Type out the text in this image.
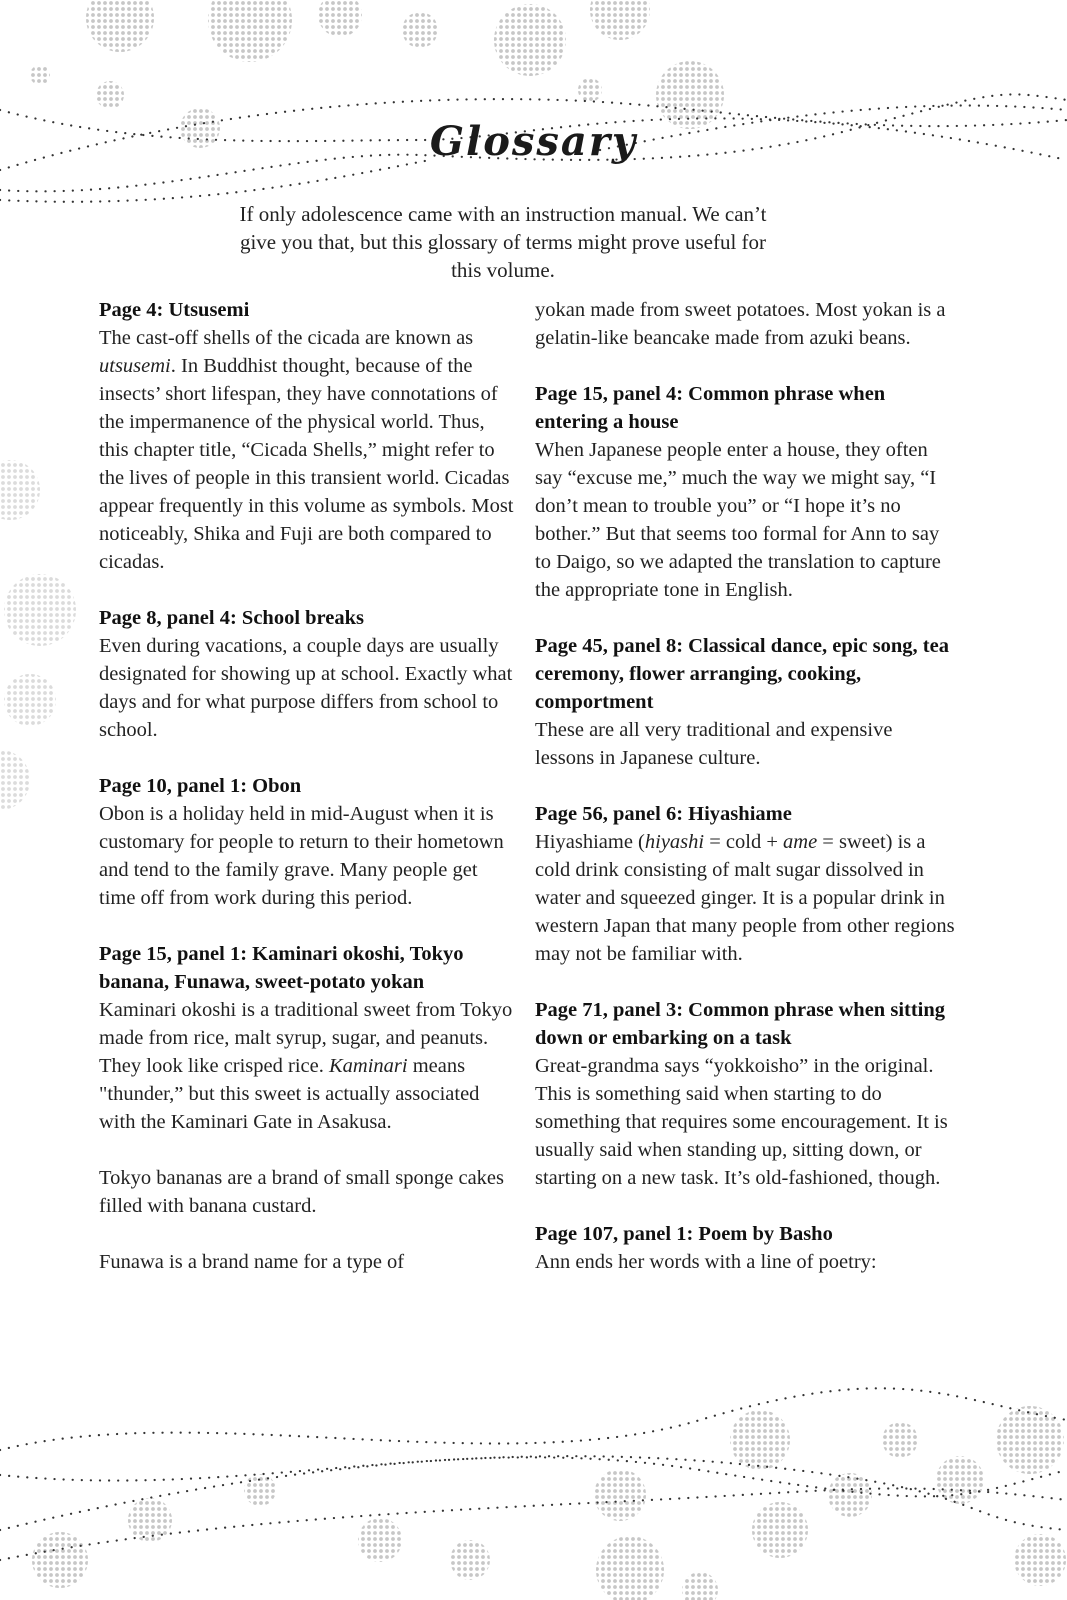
Glossary
If only adolescence came with an instruction manual. We can’t give you that, but this glossary of terms might prove useful for this volume.
Page 4: Utsusemi
The cast-off shells of the cicada are known as utsusemi. In Buddhist thought, because of the insects’ short lifespan, they have connotations of the impermanence of the physical world. Thus, this chapter title, “Cicada Shells,” might refer to the lives of people in this transient world. Cicadas appear frequently in this volume as symbols. Most noticeably, Shika and Fuji are both compared to cicadas.
Page 8, panel 4: School breaks
Even during vacations, a couple days are usually designated for showing up at school. Exactly what days and for what purpose differs from school to school.
Page 10, panel 1: Obon
Obon is a holiday held in mid-August when it is customary for people to return to their hometown and tend to the family grave. Many people get time off from work during this period.
Page 15, panel 1: Kaminari okoshi, Tokyo banana, Funawa, sweet-potato yokan

Kaminari okoshi is a traditional sweet from Tokyo made from rice, malt syrup, sugar, and peanuts. They look like crisped rice. Kaminari means "thunder,” but this sweet is actually associated with the Kaminari Gate in Asakusa.

Tokyo bananas are a brand of small sponge cakes filled with banana custard.

Funawa is a brand name for a type of

yokan made from sweet potatoes. Most yokan is a gelatin-like beancake made from azuki beans.
Page 15, panel 4: Common phrase when entering a house
When Japanese people enter a house, they often say “excuse me,” much the way we might say, “I don’t mean to trouble you” or “I hope it’s no bother.” But that seems too formal for Ann to say to Daigo, so we adapted the translation to capture the appropriate tone in English.
Page 45, panel 8: Classical dance, epic song, tea ceremony, flower arranging, cooking, comportment
These are all very traditional and expensive lessons in Japanese culture.
Page 56, panel 6: Hiyashiame
Hiyashiame (hiyashi = cold + ame = sweet) is a cold drink consisting of malt sugar dissolved in water and squeezed ginger. It is a popular drink in western Japan that many people from other regions may not be familiar with.
Page 71, panel 3: Common phrase when sitting down or embarking on a task
Great-grandma says “yokkoisho” in the original. This is something said when starting to do something that requires some encouragement. It is usually said when standing up, sitting down, or starting on a new task. It’s old-fashioned, though.
Page 107, panel 1: Poem by Basho
Ann ends her words with a line of poetry:
